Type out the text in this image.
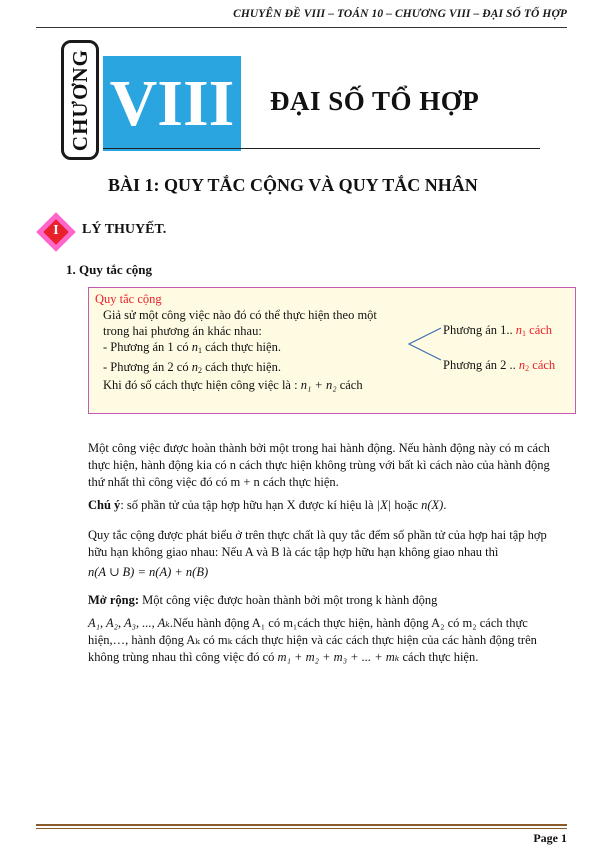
CHUYÊN ĐỀ VIII – TOÁN 10 – CHƯƠNG VIII – ĐẠI SỐ TỔ HỢP
CHƯƠNG VIII ĐẠI SỐ TỔ HỢP
BÀI 1: QUY TẮC CỘNG VÀ QUY TẮC NHÂN
I	LÝ THUYẾT.
1. Quy tắc cộng
Quy tắc cộng
Giả sử một công việc nào đó có thể thực hiện theo một
trong hai phương án khác nhau:
- Phương án 1 có $n_1$ cách thực hiện.
- Phương án 2 có $n_2$ cách thực hiện.
Khi đó số cách thực hiện công việc là : n₁ + n₂ cách
Phương án 1.. $n_1$ cách
Phương án 2 .. $n_2$ cách

Một công việc được hoàn thành bởi một trong hai hành động. Nếu hành động này có m cách thực hiện, hành động kia có n cách thực hiện không trùng với bất kì cách nào của hành động thứ nhất thì công việc đó có m + n cách thực hiện.

Chú ý: số phần tử của tập hợp hữu hạn X được kí hiệu là |X| hoặc n(X).

Quy tắc cộng được phát biểu ở trên thực chất là quy tắc đếm số phần tử của hợp hai tập hợp hữu hạn không giao nhau: Nếu A và B là các tập hợp hữu hạn không giao nhau thì

n(A ∪ B) = n(A) + n(B)

Mở rộng: Một công việc được hoàn thành bởi một trong k hành động

A₁, A₂, A₃, ..., Aₖ.Nếu hành động A₁ có m₁cách thực hiện, hành động A₂ có m₂ cách thực hiện,…, hành động Aₖ có mₖ cách thực hiện và các cách thực hiện của các hành động trên không trùng nhau thì công việc đó có m₁ + m₂ + m₃ + ... + mₖ cách thực hiện.

Page 1
